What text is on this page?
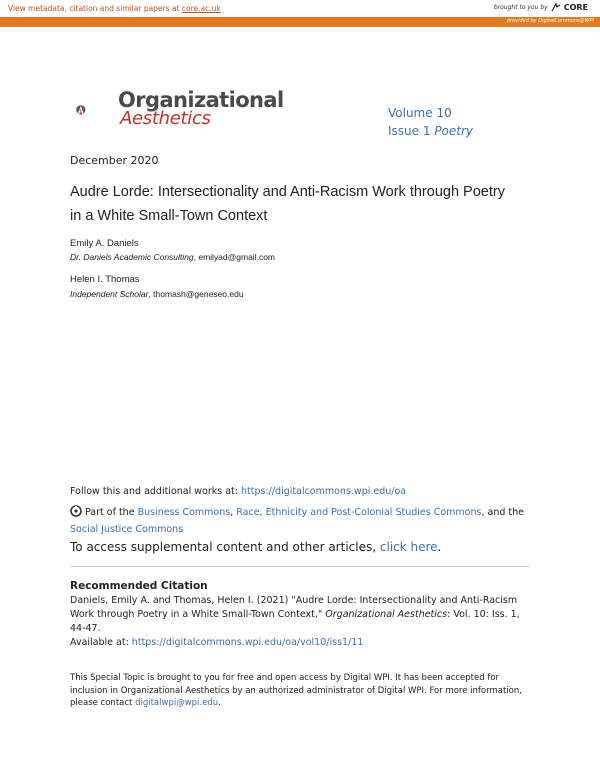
View metadata, citation and similar papers at core.ac.uk	brought to you by CORE
provided by DigitalCommons@WPI
Organizational
Aesthetics	Volume 10
Issue 1 Poetry
December 2020
Audre Lorde: Intersectionality and Anti-Racism Work through Poetry in a White Small-Town Context
Emily A. Daniels
Dr. Daniels Academic Consulting, emilyad@gmail.com
Helen I. Thomas
Independent Scholar, thomash@geneseo.edu
Follow this and additional works at: https://digitalcommons.wpi.edu/oa
Part of the Business Commons, Race, Ethnicity and Post-Colonial Studies Commons, and the Social Justice Commons
To access supplemental content and other articles, click here.
Recommended Citation
Daniels, Emily A. and Thomas, Helen I. (2021) "Audre Lorde: Intersectionality and Anti-Racism Work through Poetry in a White Small-Town Context," Organizational Aesthetics: Vol. 10: Iss. 1, 44-47.
Available at: https://digitalcommons.wpi.edu/oa/vol10/iss1/11
This Special Topic is brought to you for free and open access by Digital WPI. It has been accepted for inclusion in Organizational Aesthetics by an authorized administrator of Digital WPI. For more information, please contact digitalwpi@wpi.edu.
